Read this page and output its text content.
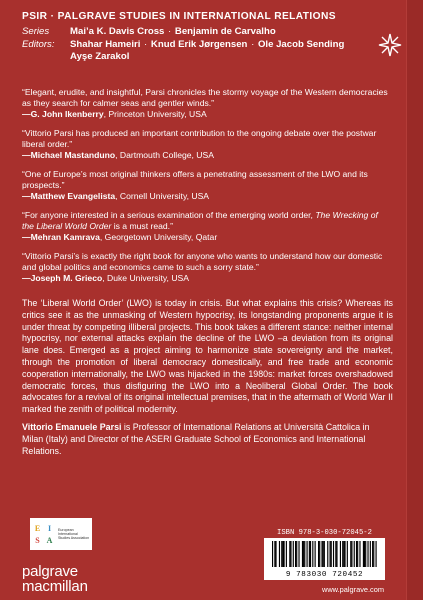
PSIR · PALGRAVE STUDIES IN INTERNATIONAL RELATIONS
Series Editors:
Mai’a K. Davis Cross · Benjamin de Carvalho
Shahar Hameiri · Knud Erik Jørgensen · Ole Jacob Sending
Ayşe Zarakol
“Elegant, erudite, and insightful, Parsi chronicles the stormy voyage of the Western democracies as they search for calmer seas and gentler winds.”
—G. John Ikenberry, Princeton University, USA
“Vittorio Parsi has produced an important contribution to the ongoing debate over the postwar liberal order.”
—Michael Mastanduno, Dartmouth College, USA
“One of Europe’s most original thinkers offers a penetrating assessment of the LWO and its prospects.”
—Matthew Evangelista, Cornell University, USA
“For anyone interested in a serious examination of the emerging world order, The Wrecking of the Liberal World Order is a must read.”
—Mehran Kamrava, Georgetown University, Qatar
“Vittorio Parsi’s is exactly the right book for anyone who wants to understand how our domestic and global politics and economics came to such a sorry state.”
—Joseph M. Grieco, Duke University, USA
The ‘Liberal World Order’ (LWO) is today in crisis. But what explains this crisis? Whereas its critics see it as the unmasking of Western hypocrisy, its longstanding proponents argue it is under threat by competing illiberal projects. This book takes a different stance: neither internal hypocrisy, nor external attacks explain the decline of the LWO –a deviation from its original lane does. Emerged as a project aiming to harmonize state sovereignty and the market, through the promotion of liberal democracy domestically, and free trade and economic cooperation internationally, the LWO was hijacked in the 1980s: market forces overshadowed democratic forces, thus disfiguring the LWO into a Neoliberal Global Order. The book advocates for a revival of its original intellectual premises, that in the aftermath of World War II marked the zenith of political modernity.
Vittorio Emanuele Parsi is Professor of International Relations at Università Cattolica in Milan (Italy) and Director of the ASERI Graduate School of Economics and International Relations.
E I
S A
European International Studies Association
palgrave
macmillan
ISBN 978-3-030-72045-2
9 783030 720452
www.palgrave.com
